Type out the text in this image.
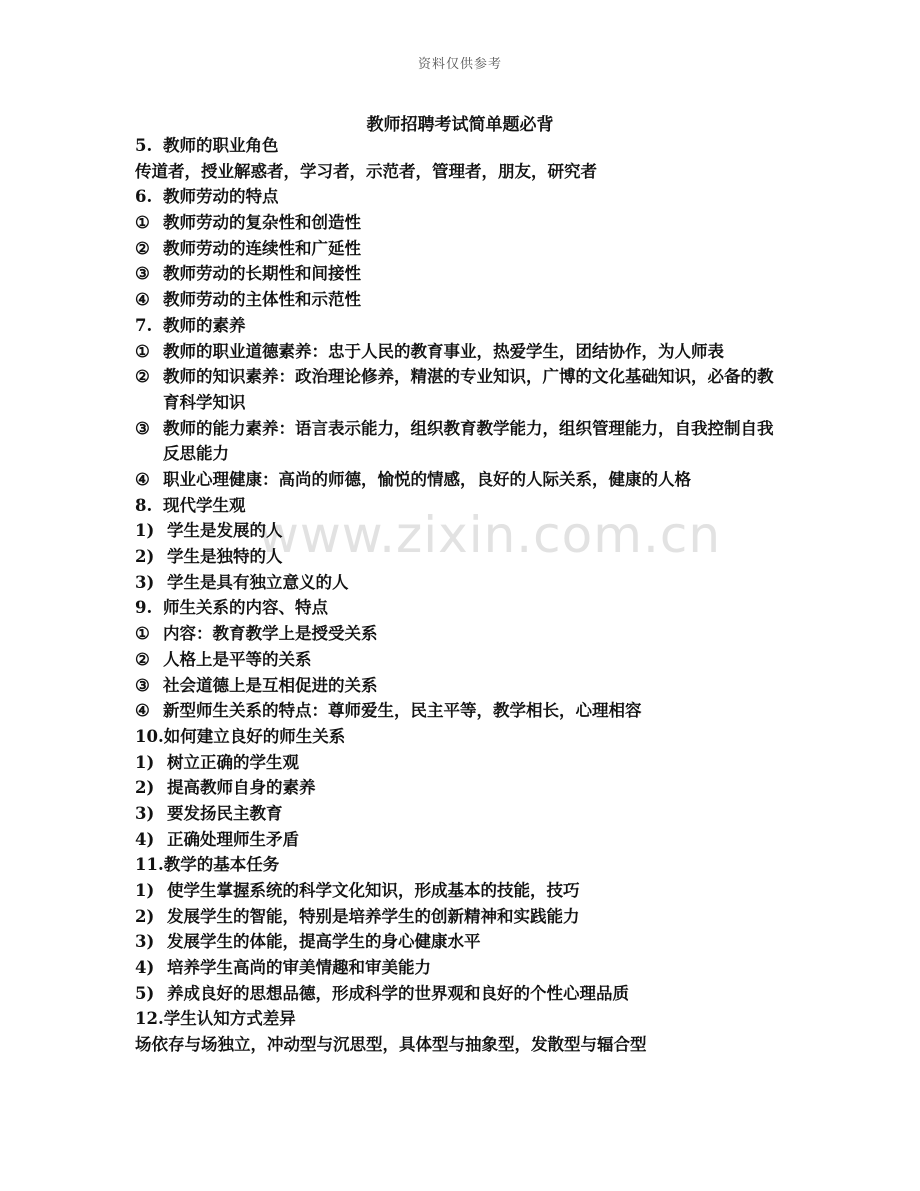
资料仅供参考
教师招聘考试简单题必背
www.zixin.com.cn
5. 教师的职业角色
传道者，授业解惑者，学习者，示范者，管理者，朋友，研究者
6. 教师劳动的特点
① 教师劳动的复杂性和创造性
② 教师劳动的连续性和广延性
③ 教师劳动的长期性和间接性
④ 教师劳动的主体性和示范性
7. 教师的素养
① 教师的职业道德素养：忠于人民的教育事业，热爱学生，团结协作，为人师表
② 教师的知识素养：政治理论修养，精湛的专业知识，广博的文化基础知识，必备的教育科学知识
③ 教师的能力素养：语言表示能力，组织教育教学能力，组织管理能力，自我控制自我反思能力
④ 职业心理健康：高尚的师德，愉悦的情感，良好的人际关系，健康的人格
8. 现代学生观
1) 学生是发展的人
2) 学生是独特的人
3) 学生是具有独立意义的人
9. 师生关系的内容、特点
① 内容：教育教学上是授受关系
② 人格上是平等的关系
③ 社会道德上是互相促进的关系
④ 新型师生关系的特点：尊师爱生，民主平等，教学相长，心理相容
10.如何建立良好的师生关系
1) 树立正确的学生观
2) 提高教师自身的素养
3) 要发扬民主教育
4) 正确处理师生矛盾
11.教学的基本任务
1) 使学生掌握系统的科学文化知识，形成基本的技能，技巧
2) 发展学生的智能，特别是培养学生的创新精神和实践能力
3) 发展学生的体能，提高学生的身心健康水平
4) 培养学生高尚的审美情趣和审美能力
5) 养成良好的思想品德，形成科学的世界观和良好的个性心理品质
12.学生认知方式差异
场依存与场独立，冲动型与沉思型，具体型与抽象型，发散型与辐合型
